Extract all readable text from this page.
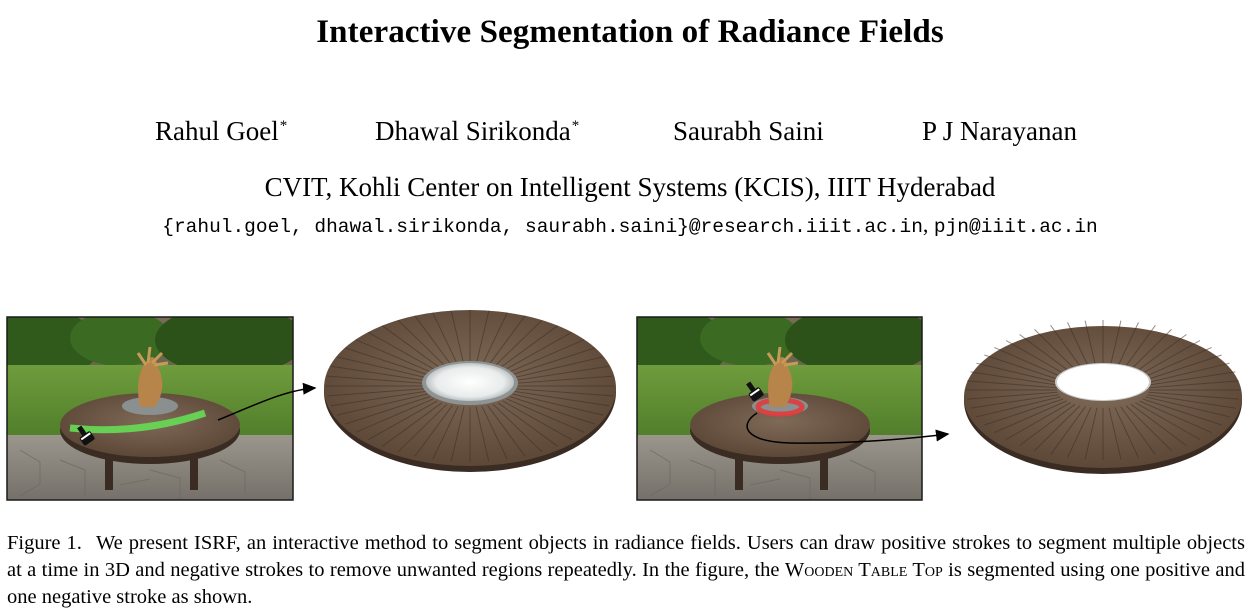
Interactive Segmentation of Radiance Fields
Rahul Goel*	Dhawal Sirikonda*	Saurabh Saini	P J Narayanan
CVIT, Kohli Center on Intelligent Systems (KCIS), IIIT Hyderabad
{rahul.goel, dhawal.sirikonda, saurabh.saini}@research.iiit.ac.in, pjn@iiit.ac.in
Figure 1. We present ISRF, an interactive method to segment objects in radiance fields. Users can draw positive strokes to segment multiple objects at a time in 3D and negative strokes to remove unwanted regions repeatedly. In the figure, the Wooden Table Top is segmented using one positive and one negative stroke as shown.
